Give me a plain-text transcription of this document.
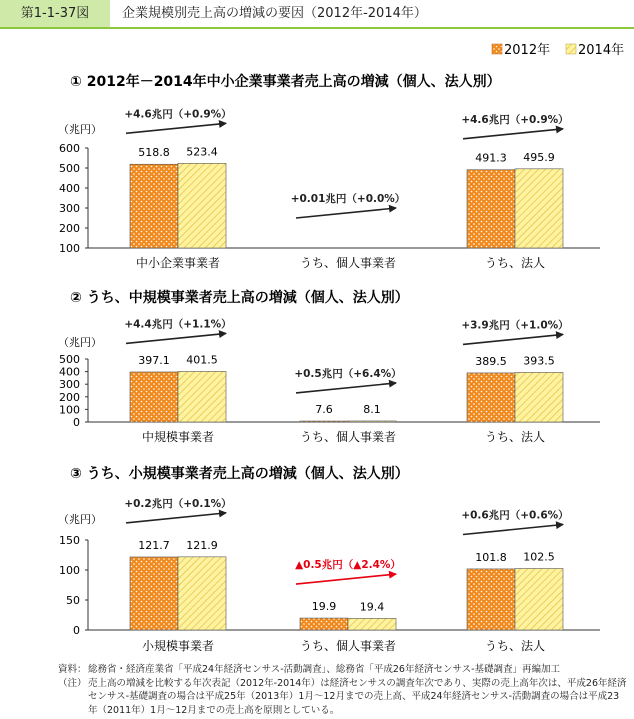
第1-1-37図	企業規模別売上高の増減の要因（2012年-2014年）
2012年 2014年
① 2012年－2014年中小企業事業者売上高の増減（個人、法人別）
（兆円）
100
200
300
400
500
600
中小企業事業者
518.8 523.4
+4.6兆円（+0.9%）
うち、個人事業者
+0.01兆円（+0.0%）
うち、法人
491.3 495.9
+4.6兆円（+0.9%）
② うち、中規模事業者売上高の増減（個人、法人別）
（兆円）
0
100
200
300
400
500
中規模事業者
397.1 401.5
+4.4兆円（+1.1%）
うち、個人事業者
7.6	8.1
+0.5兆円（+6.4%）
うち、法人
389.5 393.5
+3.9兆円（+1.0%）
③ うち、小規模事業者売上高の増減（個人、法人別）
（兆円）
0
50
100
150
小規模事業者
121.7 121.9
+0.2兆円（+0.1%）
うち、個人事業者
19.9 19.4
▲0.5兆円（▲2.4%）
うち、法人
101.8 102.5
+0.6兆円（+0.6%）
資料： 総務省・経済産業省「平成24年経済センサス-活動調査」、総務省「平成26年経済センサス-基礎調査」再編加工
（注） 売上高の増減を比較する年次表記（2012年-2014年）は経済センサスの調査年次であり、実際の売上高年次は、平成26年経済センサス-基礎調査の場合は平成25年（2013年）1月～12月までの売上高、平成24年経済センサス-活動調査の場合は平成23年（2011年）1月～12月までの売上高を原則としている。
